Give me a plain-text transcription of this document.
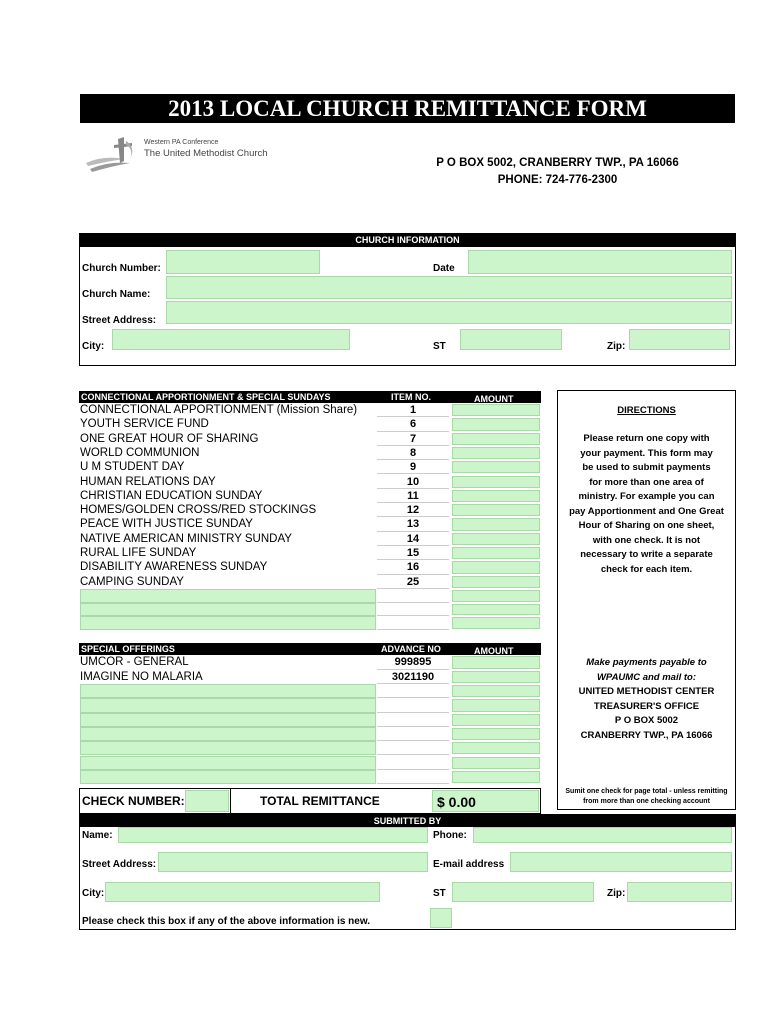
2013 LOCAL CHURCH REMITTANCE FORM
Western PA Conference
The United Methodist Church
P O BOX 5002, CRANBERRY TWP., PA 16066
PHONE: 724-776-2300
CHURCH INFORMATION
Church Number:	Date
Church Name:
Street Address:
City:	ST	Zip:
CONNECTIONAL APPORTIONMENT & SPECIAL SUNDAYS	ITEM NO.	AMOUNT
CONNECTIONAL APPORTIONMENT (Mission Share)	1
YOUTH SERVICE FUND	6
ONE GREAT HOUR OF SHARING	7
WORLD COMMUNION	8
U M STUDENT DAY	9
HUMAN RELATIONS DAY	10
CHRISTIAN EDUCATION SUNDAY	11
HOMES/GOLDEN CROSS/RED STOCKINGS	12
PEACE WITH JUSTICE SUNDAY	13
NATIVE AMERICAN MINISTRY SUNDAY	14
RURAL LIFE SUNDAY	15
DISABILITY AWARENESS SUNDAY	16
CAMPING SUNDAY	25
DIRECTIONS
Please return one copy with
your payment. This form may
be used to submit payments
for more than one area of
ministry. For example you can
pay Apportionment and One Great
Hour of Sharing on one sheet,
with one check. It is not
necessary to write a separate
check for each item.
Make payments payable to
WPAUMC and mail to:
UNITED METHODIST CENTER
TREASURER'S OFFICE
P O BOX 5002
CRANBERRY TWP., PA 16066
Sumit one check for page total - unless remitting
from more than one checking account
SPECIAL OFFERINGS	ADVANCE NO	AMOUNT
UMCOR - GENERAL	999895
IMAGINE NO MALARIA	3021190
CHECK NUMBER:	TOTAL REMITTANCE	$ 0.00
SUBMITTED BY
Name:	Phone:
Street Address:	E-mail address
City:	ST	Zip:
Please check this box if any of the above information is new.
